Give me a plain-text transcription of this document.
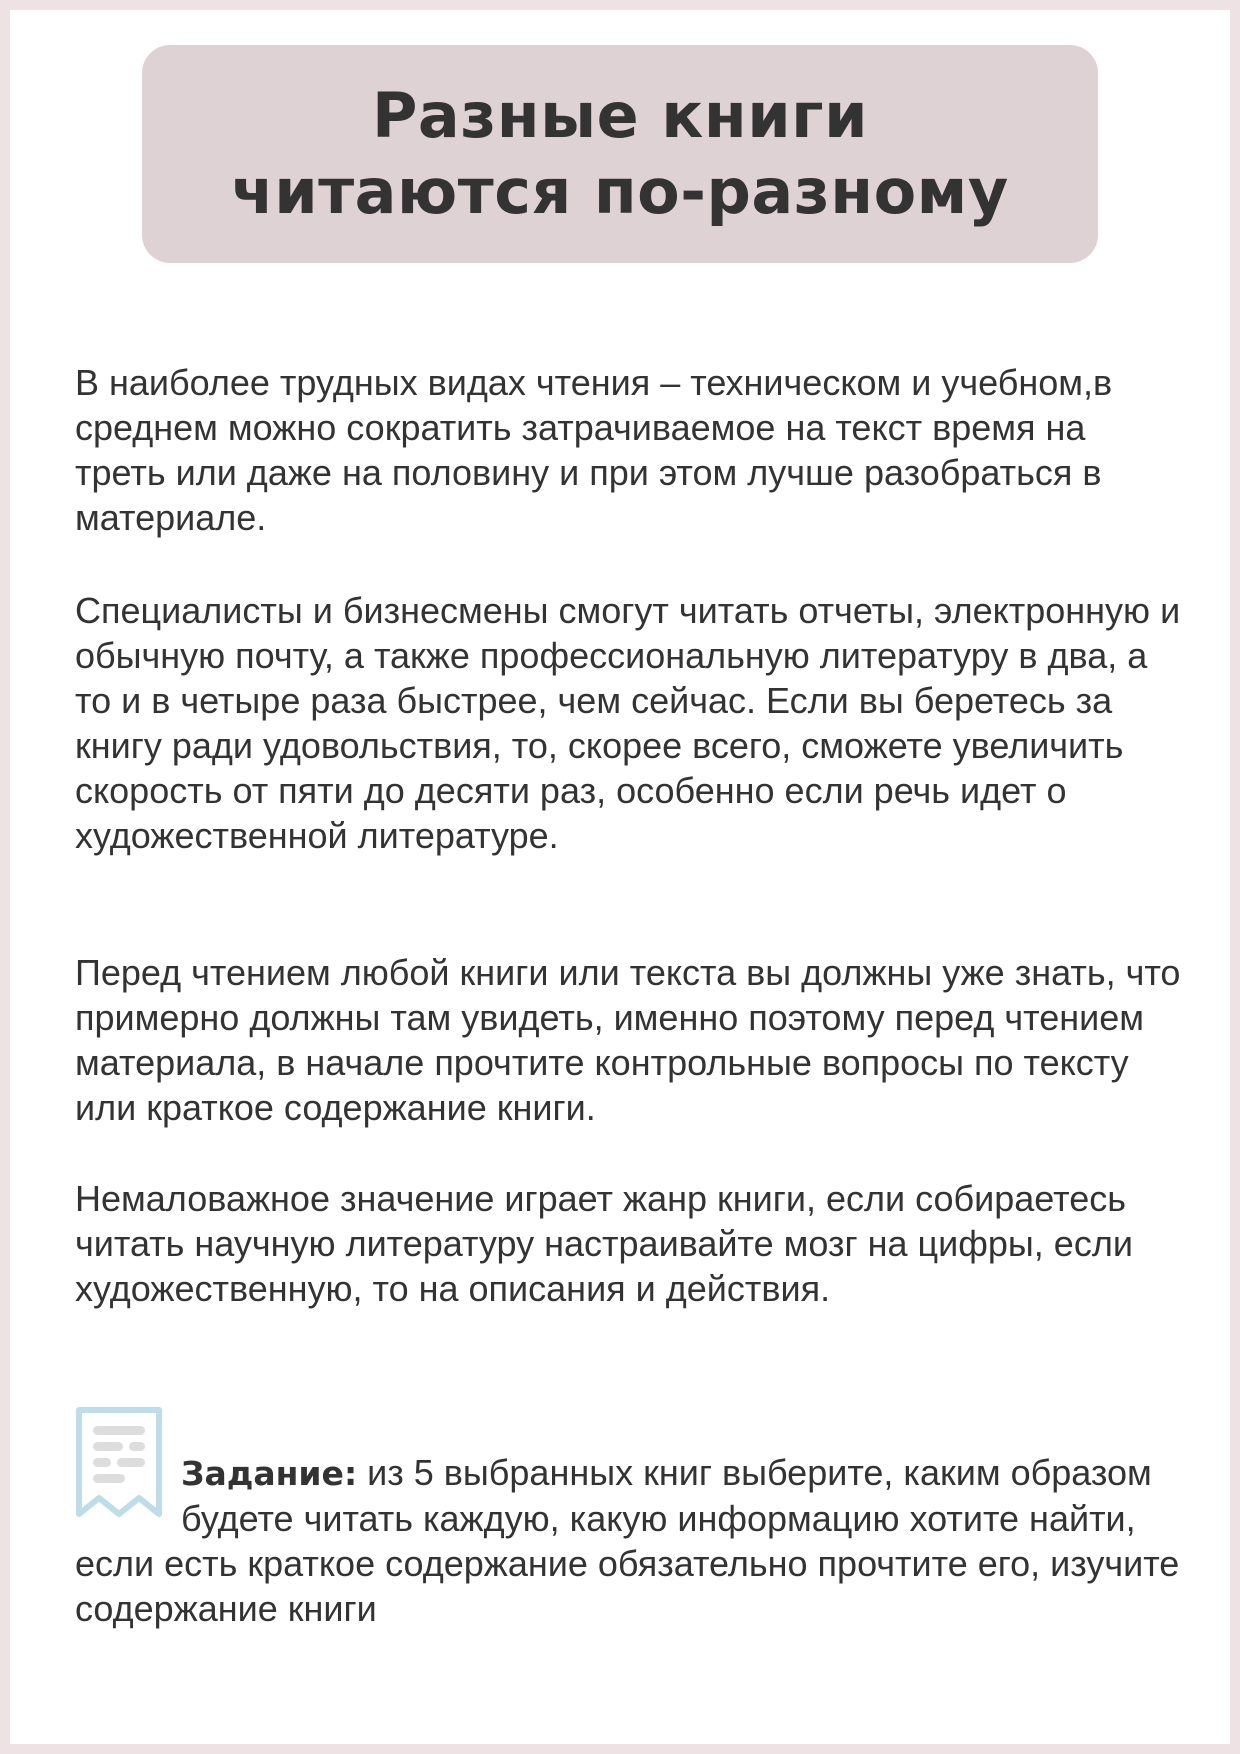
Разные книги читаются по-разному

В наиболее трудных видах чтения – техническом и учебном,в среднем можно сократить затрачиваемое на текст время на треть или даже на половину и при этом лучше разобраться в материале.

Специалисты и бизнесмены смогут читать отчеты, электронную и обычную почту, а также профессиональную литературу в два, а то и в четыре раза быстрее, чем сейчас. Если вы беретесь за книгу ради удовольствия, то, скорее всего, сможете увеличить скорость от пяти до десяти раз, особенно если речь идет о художественной литературе.

Перед чтением любой книги или текста вы должны уже знать, что примерно должны там увидеть, именно поэтому перед чтением материала, в начале прочтите контрольные вопросы по тексту или краткое содержание книги.

Немаловажное значение играет жанр книги, если собираетесь читать научную литературу настраивайте мозг на цифры, если художественную, то на описания и действия.

Задание: из 5 выбранных книг выберите, каким образом будете читать каждую, какую информацию хотите найти, если есть краткое содержание обязательно прочтите его, изучите содержание книги
